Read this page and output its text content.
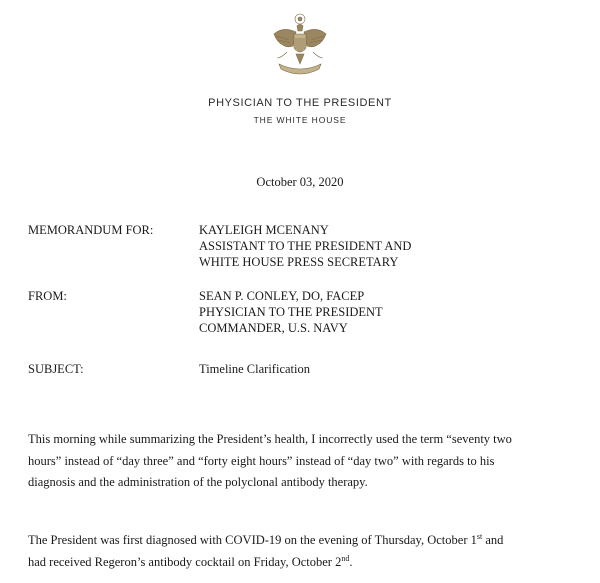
PHYSICIAN TO THE PRESIDENT
THE WHITE HOUSE
October 03, 2020
MEMORANDUM FOR:	KAYLEIGH MCENANY
ASSISTANT TO THE PRESIDENT AND
WHITE HOUSE PRESS SECRETARY
FROM:	SEAN P. CONLEY, DO, FACEP
PHYSICIAN TO THE PRESIDENT
COMMANDER, U.S. NAVY
SUBJECT:	Timeline Clarification
This morning while summarizing the President’s health, I incorrectly used the term “seventy two
hours” instead of “day three” and “forty eight hours” instead of “day two” with regards to his
diagnosis and the administration of the polyclonal antibody therapy.
The President was first diagnosed with COVID-19 on the evening of Thursday, October 1st and
had received Regeron’s antibody cocktail on Friday, October 2nd.
